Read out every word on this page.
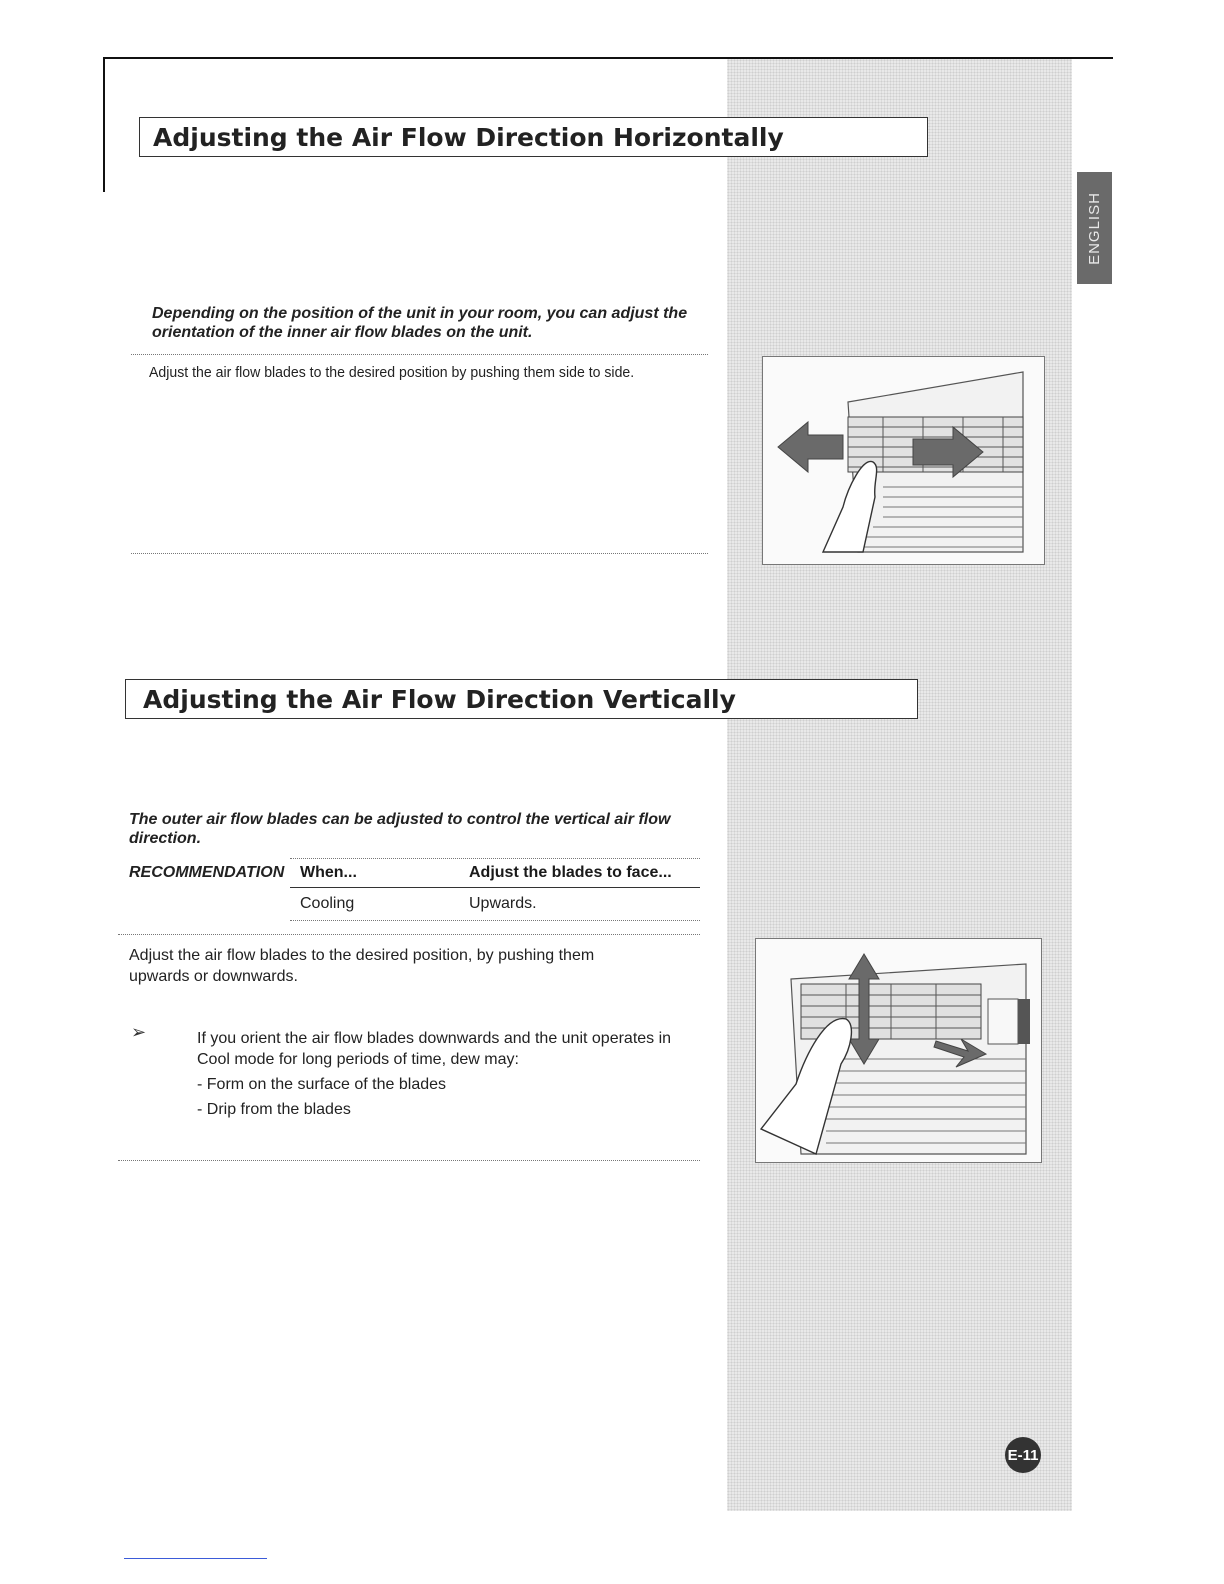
ENGLISH
Adjusting the Air Flow Direction Horizontally
Depending on the position of the unit in your room, you can adjust the orientation of the inner air flow blades on the unit.
Adjust the air flow blades to the desired position by pushing them side to side.
Adjusting the Air Flow Direction Vertically
The outer air flow blades can be adjusted to control the vertical air flow direction.
RECOMMENDATION When...	Adjust the blades to face...
Cooling	Upwards.
Adjust the air flow blades to the desired position, by pushing them upwards or downwards.
➢	If you orient the air flow blades downwards and the unit operates in Cool mode for long periods of time, dew may:
- Form on the surface of the blades
- Drip from the blades
E-11
